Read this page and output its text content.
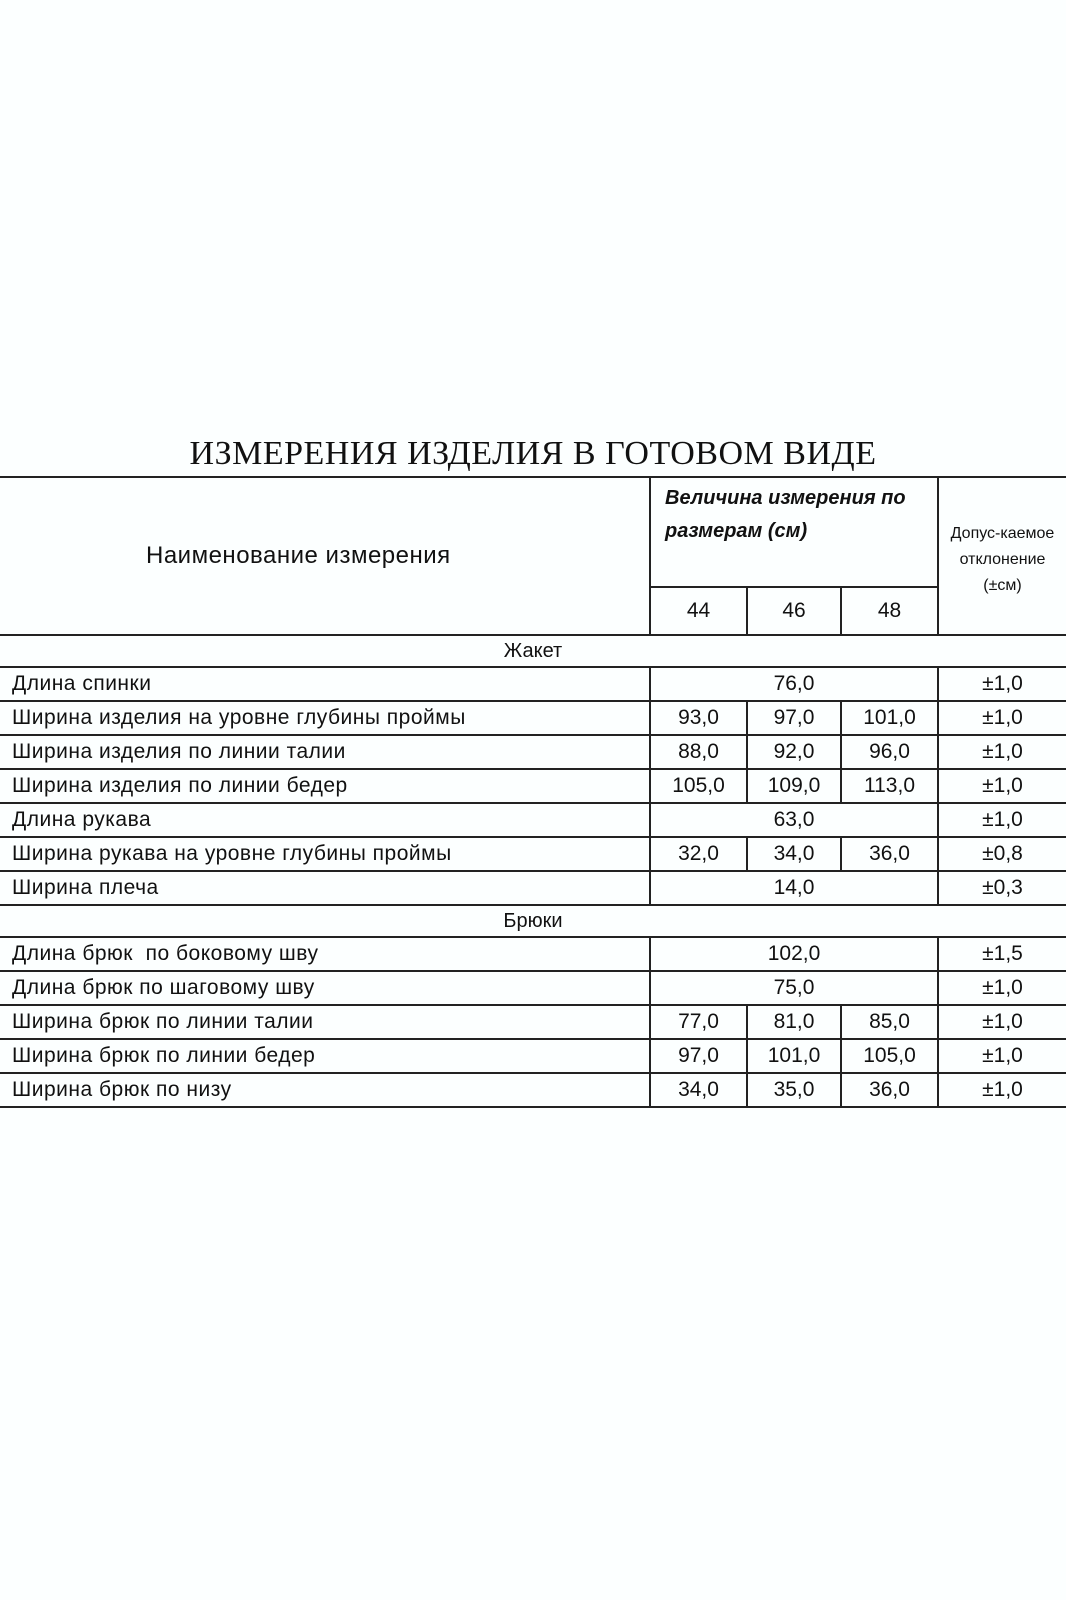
ИЗМЕРЕНИЯ ИЗДЕЛИЯ В ГОТОВОМ ВИДЕ
Наименование измерения	Величина измерения по размерам (см)			Допус-каемое отклонение (±см)
	44	46	48	
Жакет				
Длина спинки	76,0			±1,0
Ширина изделия на уровне глубины проймы	93,0	97,0	101,0	±1,0
Ширина изделия по линии талии	88,0	92,0	96,0	±1,0
Ширина изделия по линии бедер	105,0	109,0	113,0	±1,0
Длина рукава	63,0			±1,0
Ширина рукава на уровне глубины проймы	32,0	34,0	36,0	±0,8
Ширина плеча	14,0			±0,3
Брюки				
Длина брюк  по боковому шву	102,0			±1,5
Длина брюк по шаговому шву	75,0			±1,0
Ширина брюк по линии талии	77,0	81,0	85,0	±1,0
Ширина брюк по линии бедер	97,0	101,0	105,0	±1,0
Ширина брюк по низу	34,0	35,0	36,0	±1,0
